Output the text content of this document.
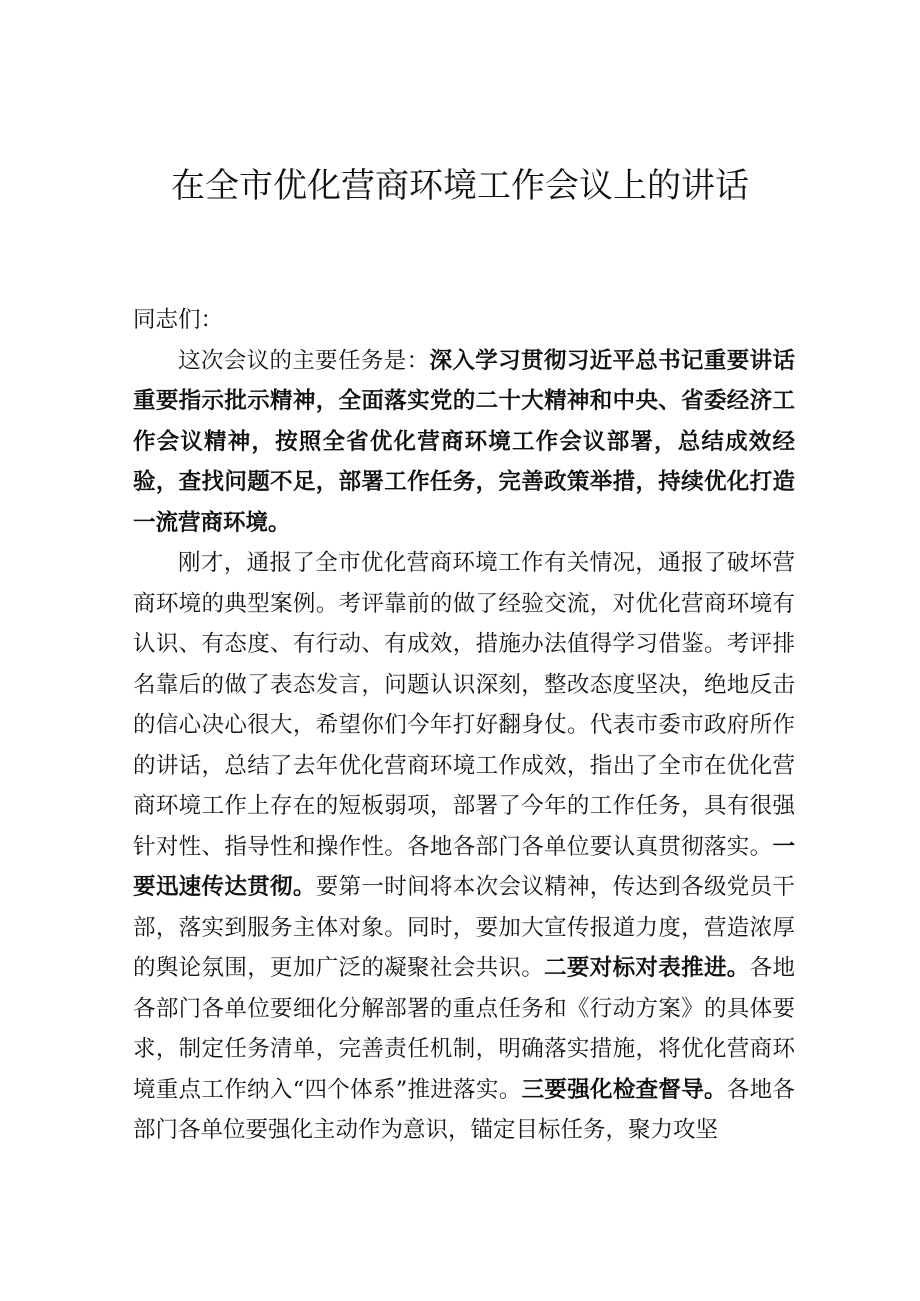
在全市优化营商环境工作会议上的讲话

同志们：

这次会议的主要任务是：深入学习贯彻习近平总书记重要讲话重要指示批示精神，全面落实党的二十大精神和中央、省委经济工作会议精神，按照全省优化营商环境工作会议部署，总结成效经验，查找问题不足，部署工作任务，完善政策举措，持续优化打造一流营商环境。

刚才，通报了全市优化营商环境工作有关情况，通报了破坏营商环境的典型案例。考评靠前的做了经验交流，对优化营商环境有认识、有态度、有行动、有成效，措施办法值得学习借鉴。考评排名靠后的做了表态发言，问题认识深刻，整改态度坚决，绝地反击的信心决心很大，希望你们今年打好翻身仗。代表市委市政府所作的讲话，总结了去年优化营商环境工作成效，指出了全市在优化营商环境工作上存在的短板弱项，部署了今年的工作任务，具有很强针对性、指导性和操作性。各地各部门各单位要认真贯彻落实。一要迅速传达贯彻。要第一时间将本次会议精神，传达到各级党员干部，落实到服务主体对象。同时，要加大宣传报道力度，营造浓厚的舆论氛围，更加广泛的凝聚社会共识。二要对标对表推进。各地各部门各单位要细化分解部署的重点任务和《行动方案》的具体要求，制定任务清单，完善责任机制，明确落实措施，将优化营商环境重点工作纳入“四个体系”推进落实。三要强化检查督导。各地各部门各单位要强化主动作为意识，锚定目标任务，聚力攻坚
